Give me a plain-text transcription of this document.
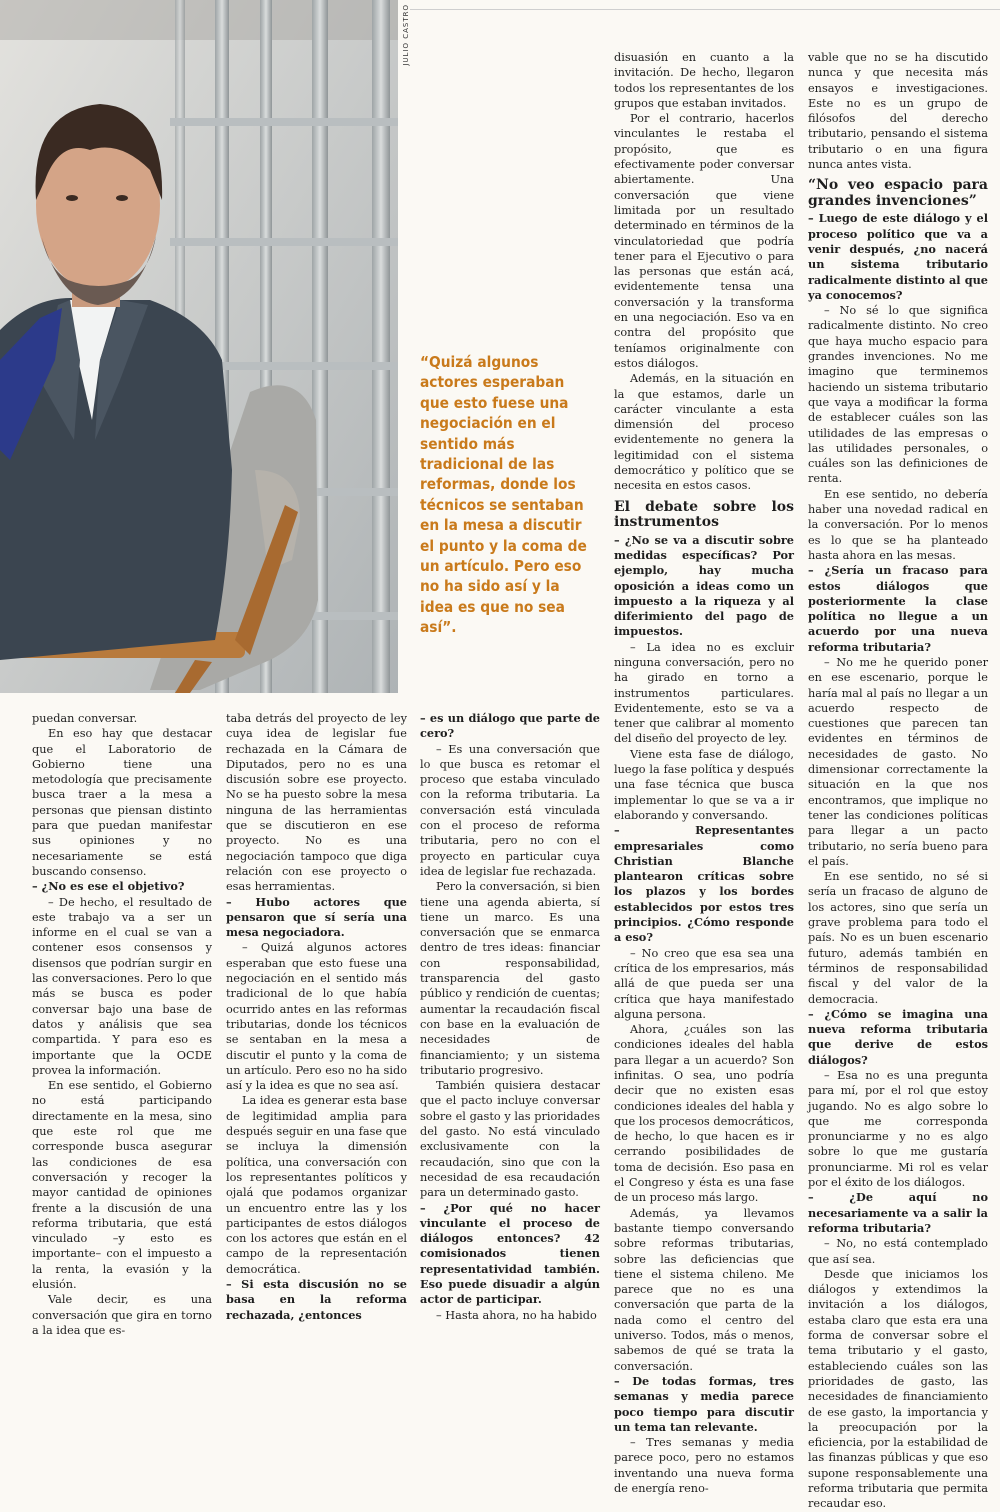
JULIO CASTRO

“Quizá algunos actores esperaban que esto fuese una negociación en el sentido más tradicional de las reformas, donde los técnicos se sentaban en la mesa a discutir el punto y la coma de un artículo. Pero eso no ha sido así y la idea es que no sea así”.

puedan conversar.

En eso hay que destacar que el Laboratorio de Gobierno tiene una metodología que precisamente busca traer a la mesa a personas que piensan distinto para que puedan manifestar sus opiniones y no necesariamente se está buscando consenso.

– ¿No es ese el objetivo?

– De hecho, el resultado de este trabajo va a ser un informe en el cual se van a contener esos consensos y disensos que podrían surgir en las conversaciones. Pero lo que más se busca es poder conversar bajo una base de datos y análisis que sea compartida. Y para eso es importante que la OCDE provea la información.

En ese sentido, el Gobierno no está participando directamente en la mesa, sino que este rol que me corresponde busca asegurar las condiciones de esa conversación y recoger la mayor cantidad de opiniones frente a la discusión de una reforma tributaria, que está vinculado –y esto es importante– con el impuesto a la renta, la evasión y la elusión.

Vale decir, es una conversación que gira en torno a la idea que es-

taba detrás del proyecto de ley cuya idea de legislar fue rechazada en la Cámara de Diputados, pero no es una discusión sobre ese proyecto. No se ha puesto sobre la mesa ninguna de las herramientas que se discutieron en ese proyecto. No es una negociación tampoco que diga relación con ese proyecto o esas herramientas.

– Hubo actores que pensaron que sí sería una mesa negociadora.

– Quizá algunos actores esperaban que esto fuese una negociación en el sentido más tradicional de lo que había ocurrido antes en las reformas tributarias, donde los técnicos se sentaban en la mesa a discutir el punto y la coma de un artículo. Pero eso no ha sido así y la idea es que no sea así.

La idea es generar esta base de legitimidad amplia para después seguir en una fase que se incluya la dimensión política, una conversación con los representantes políticos y ojalá que podamos organizar un encuentro entre las y los participantes de estos diálogos con los actores que están en el campo de la representación democrática.

– Si esta discusión no se basa en la reforma rechazada, ¿entonces

– es un diálogo que parte de cero?

– Es una conversación que lo que busca es retomar el proceso que estaba vinculado con la reforma tributaria. La conversación está vinculada con el proceso de reforma tributaria, pero no con el proyecto en particular cuya idea de legislar fue rechazada.

Pero la conversación, si bien tiene una agenda abierta, sí tiene un marco. Es una conversación que se enmarca dentro de tres ideas: financiar con responsabilidad, transparencia del gasto público y rendición de cuentas; aumentar la recaudación fiscal con base en la evaluación de necesidades de financiamiento; y un sistema tributario progresivo.

También quisiera destacar que el pacto incluye conversar sobre el gasto y las prioridades del gasto. No está vinculado exclusivamente con la recaudación, sino que con la necesidad de esa recaudación para un determinado gasto.

– ¿Por qué no hacer vinculante el proceso de diálogos entonces? 42 comisionados tienen representatividad también. Eso puede disuadir a algún actor de participar.

– Hasta ahora, no ha habido

disuasión en cuanto a la invitación. De hecho, llegaron todos los representantes de los grupos que estaban invitados.

Por el contrario, hacerlos vinculantes le restaba el propósito, que es efectivamente poder conversar abiertamente. Una conversación que viene limitada por un resultado determinado en términos de la vinculatoriedad que podría tener para el Ejecutivo o para las personas que están acá, evidentemente tensa una conversación y la transforma en una negociación. Eso va en contra del propósito que teníamos originalmente con estos diálogos.

Además, en la situación en la que estamos, darle un carácter vinculante a esta dimensión del proceso evidentemente no genera la legitimidad con el sistema democrático y político que se necesita en estos casos.

El debate sobre los instrumentos

– ¿No se va a discutir sobre medidas específicas? Por ejemplo, hay mucha oposición a ideas como un impuesto a la riqueza y al diferimiento del pago de impuestos.

– La idea no es excluir ninguna conversación, pero no ha girado en torno a instrumentos particulares. Evidentemente, esto se va a tener que calibrar al momento del diseño del proyecto de ley.

Viene esta fase de diálogo, luego la fase política y después una fase técnica que busca implementar lo que se va a ir elaborando y conversando.

– Representantes empresariales como Christian Blanche plantearon críticas sobre los plazos y los bordes establecidos por estos tres principios. ¿Cómo responde a eso?

– No creo que esa sea una crítica de los empresarios, más allá de que pueda ser una crítica que haya manifestado alguna persona.

Ahora, ¿cuáles son las condiciones ideales del habla para llegar a un acuerdo? Son infinitas. O sea, uno podría decir que no existen esas condiciones ideales del habla y que los procesos democráticos, de hecho, lo que hacen es ir cerrando posibilidades de toma de decisión. Eso pasa en el Congreso y ésta es una fase de un proceso más largo.

Además, ya llevamos bastante tiempo conversando sobre reformas tributarias, sobre las deficiencias que tiene el sistema chileno. Me parece que no es una conversación que parta de la nada como el centro del universo. Todos, más o menos, sabemos de qué se trata la conversación.

– De todas formas, tres semanas y media parece poco tiempo para discutir un tema tan relevante.

– Tres semanas y media parece poco, pero no estamos inventando una nueva forma de energía reno-

vable que no se ha discutido nunca y que necesita más ensayos e investigaciones. Este no es un grupo de filósofos del derecho tributario, pensando el sistema tributario o en una figura nunca antes vista.

“No veo espacio para grandes invenciones”

– Luego de este diálogo y el proceso político que va a venir después, ¿no nacerá un sistema tributario radicalmente distinto al que ya conocemos?

– No sé lo que significa radicalmente distinto. No creo que haya mucho espacio para grandes invenciones. No me imagino que terminemos haciendo un sistema tributario que vaya a modificar la forma de establecer cuáles son las utilidades de las empresas o las utilidades personales, o cuáles son las definiciones de renta.

En ese sentido, no debería haber una novedad radical en la conversación. Por lo menos es lo que se ha planteado hasta ahora en las mesas.

– ¿Sería un fracaso para estos diálogos que posteriormente la clase política no llegue a un acuerdo por una nueva reforma tributaria?

– No me he querido poner en ese escenario, porque le haría mal al país no llegar a un acuerdo respecto de cuestiones que parecen tan evidentes en términos de necesidades de gasto. No dimensionar correctamente la situación en la que nos encontramos, que implique no tener las condiciones políticas para llegar a un pacto tributario, no sería bueno para el país.

En ese sentido, no sé si sería un fracaso de alguno de los actores, sino que sería un grave problema para todo el país. No es un buen escenario futuro, además también en términos de responsabilidad fiscal y del valor de la democracia.

– ¿Cómo se imagina una nueva reforma tributaria que derive de estos diálogos?

– Esa no es una pregunta para mí, por el rol que estoy jugando. No es algo sobre lo que me corresponda pronunciarme y no es algo sobre lo que me gustaría pronunciarme. Mi rol es velar por el éxito de los diálogos.

– ¿De aquí no necesariamente va a salir la reforma tributaria?

– No, no está contemplado que así sea.

Desde que iniciamos los diálogos y extendimos la invitación a los diálogos, estaba claro que esta era una forma de conversar sobre el tema tributario y el gasto, estableciendo cuáles son las prioridades de gasto, las necesidades de financiamiento de ese gasto, la importancia y la preocupación por la eficiencia, por la estabilidad de las finanzas públicas y que eso supone responsablemente una reforma tributaria que permita recaudar eso.
